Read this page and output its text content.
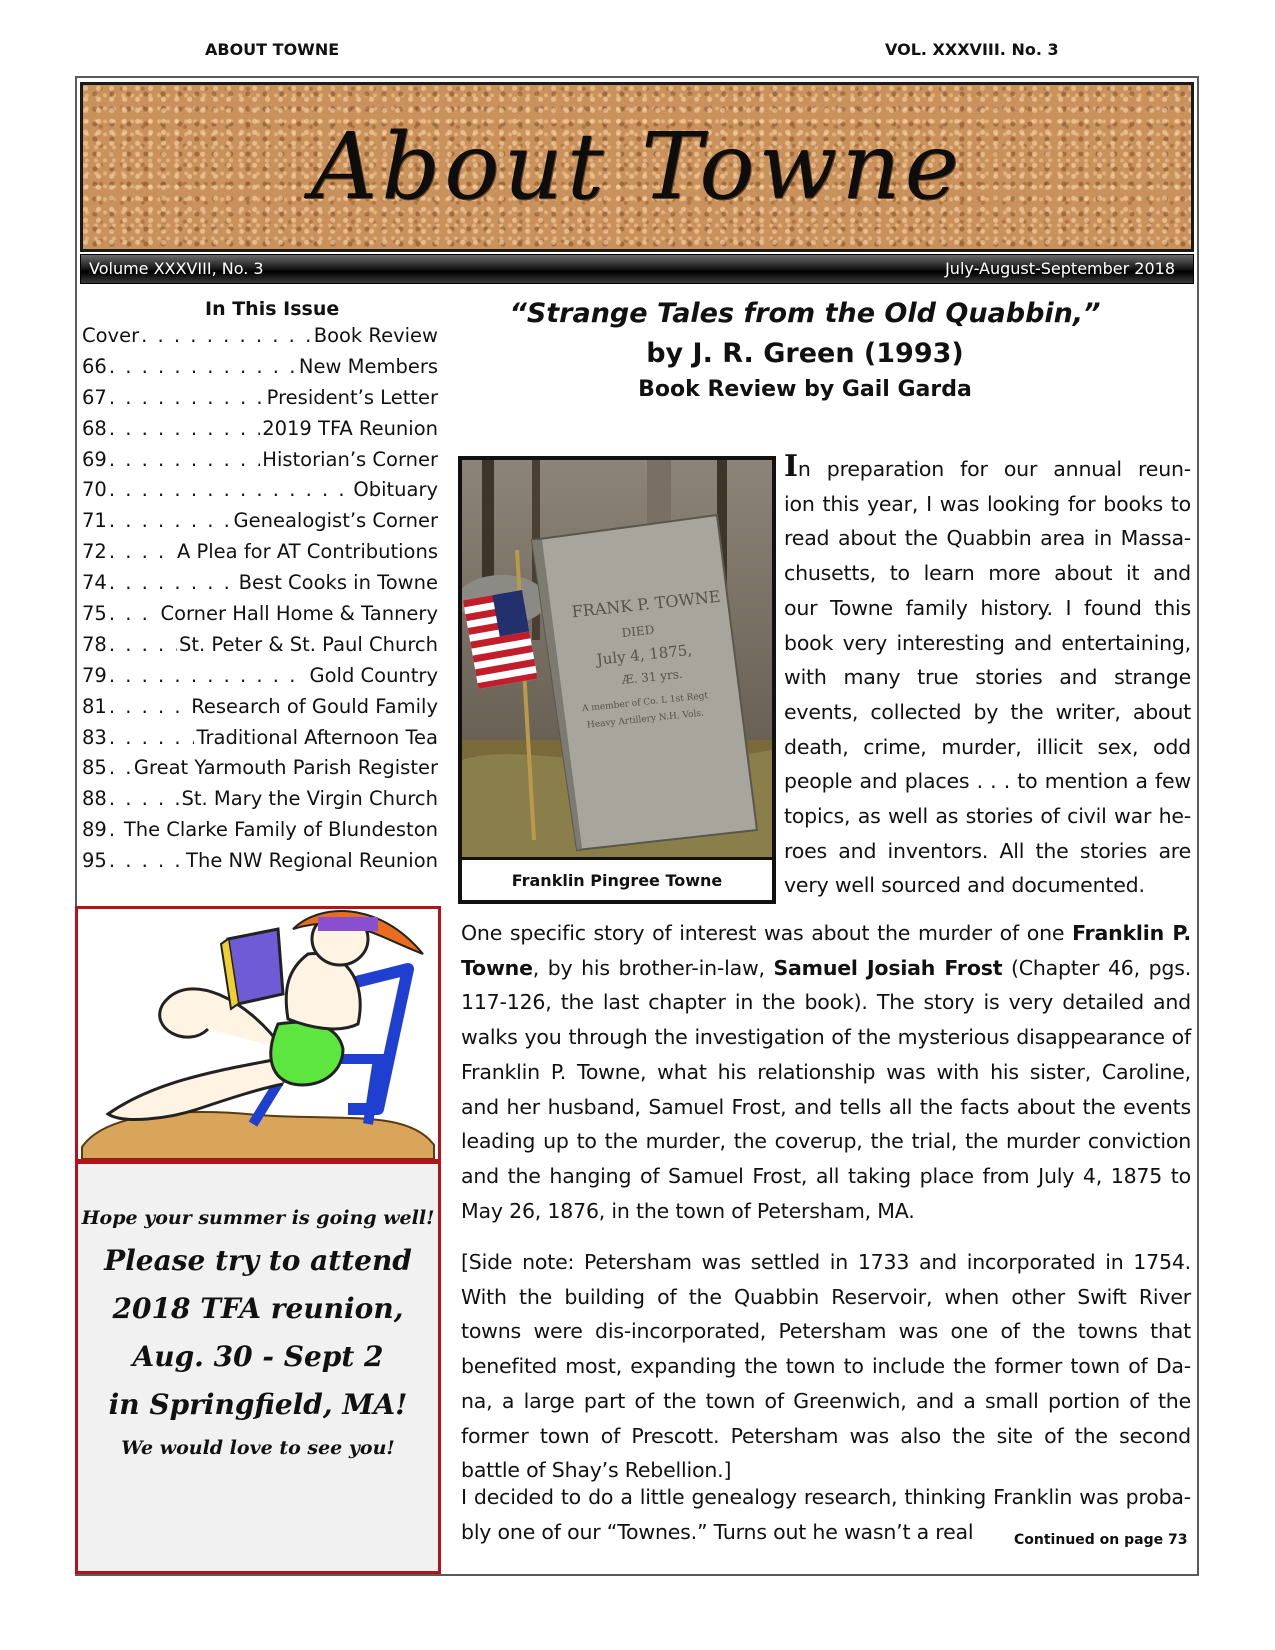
ABOUT TOWNE	VOL. XXXVIII. No. 3
About Towne
Volume XXXVIII, No. 3	July-August-September 2018
In This Issue
Cover . . .	Book Review
66 . . .	New Members
67 . . .	President’s Letter
68 . . .	2019 TFA Reunion
69 . . .	Historian’s Corner
70 . . .	Obituary
71 . . .	Genealogist’s Corner
72 . . .	A Plea for AT Contributions
74 . . .	Best Cooks in Towne
75 . . .	Corner Hall Home & Tannery
78 . . .	St. Peter & St. Paul Church
79 . . .	Gold Country
81 . . .	Research of Gould Family
83 . . .	Traditional Afternoon Tea
85 . . . Great Yarmouth Parish Register
88 . . .	St. Mary the Virgin Church
89 . . . The Clarke Family of Blundeston
95 . . .	The NW Regional Reunion
Hope your summer is going well!
Please try to attend
2018 TFA reunion,
Aug. 30 - Sept 2
in Springfield, MA!
We would love to see you!
“Strange Tales from the Old Quabbin,”
by J. R. Green (1993)
Book Review by Gail Garda
FRANK P. TOWNE
DIED
July 4, 1875,
Æ. 31 yrs.
A member of Co. L 1st Regt
Heavy Artillery N.H. Vols.
Franklin Pingree Towne
In preparation for our annual reun-
ion this year, I was looking for books to
read about the Quabbin area in Massa-
chusetts, to learn more about it and
our Towne family history. I found this
book very interesting and entertaining,
with many true stories and strange
events, collected by the writer, about
death, crime, murder, illicit sex, odd
people and places . . . to mention a few
topics, as well as stories of civil war he-
roes and inventors. All the stories are
very well sourced and documented.
One specific story of interest was about the murder of one Franklin P.
Towne, by his brother-in-law, Samuel Josiah Frost (Chapter 46, pgs.
117-126, the last chapter in the book). The story is very detailed and
walks you through the investigation of the mysterious disappearance of
Franklin P. Towne, what his relationship was with his sister, Caroline,
and her husband, Samuel Frost, and tells all the facts about the events
leading up to the murder, the coverup, the trial, the murder conviction
and the hanging of Samuel Frost, all taking place from July 4, 1875 to
May 26, 1876, in the town of Petersham, MA.
[Side note: Petersham was settled in 1733 and incorporated in 1754.
With the building of the Quabbin Reservoir, when other Swift River
towns were dis-incorporated, Petersham was one of the towns that
benefited most, expanding the town to include the former town of Da-
na, a large part of the town of Greenwich, and a small portion of the
former town of Prescott. Petersham was also the site of the second
battle of Shay’s Rebellion.]
I decided to do a little genealogy research, thinking Franklin was proba-
bly one of our “Townes.” Turns out he wasn’t a real	Continued on page 73
